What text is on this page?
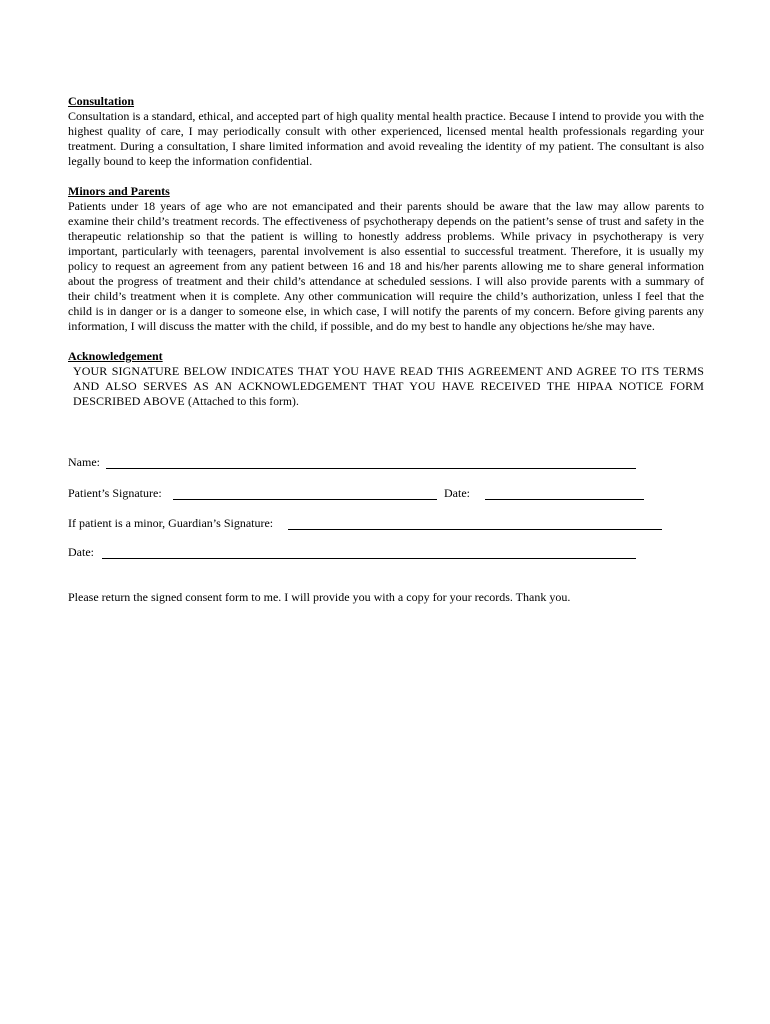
Consultation
Consultation is a standard, ethical, and accepted part of high quality mental health practice. Because I intend to provide you with the highest quality of care, I may periodically consult with other experienced, licensed mental health professionals regarding your treatment. During a consultation, I share limited information and avoid revealing the identity of my patient. The consultant is also legally bound to keep the information confidential.
Minors and Parents
Patients under 18 years of age who are not emancipated and their parents should be aware that the law may allow parents to examine their child’s treatment records. The effectiveness of psychotherapy depends on the patient’s sense of trust and safety in the therapeutic relationship so that the patient is willing to honestly address problems. While privacy in psychotherapy is very important, particularly with teenagers, parental involvement is also essential to successful treatment. Therefore, it is usually my policy to request an agreement from any patient between 16 and 18 and his/her parents allowing me to share general information about the progress of treatment and their child’s attendance at scheduled sessions. I will also provide parents with a summary of their child’s treatment when it is complete. Any other communication will require the child’s authorization, unless I feel that the child is in danger or is a danger to someone else, in which case, I will notify the parents of my concern. Before giving parents any information, I will discuss the matter with the child, if possible, and do my best to handle any objections he/she may have.
Acknowledgement
YOUR SIGNATURE BELOW INDICATES THAT YOU HAVE READ THIS AGREEMENT AND AGREE TO ITS TERMS AND ALSO SERVES AS AN ACKNOWLEDGEMENT THAT YOU HAVE RECEIVED THE HIPAA NOTICE FORM DESCRIBED ABOVE (Attached to this form).
Name:
Patient’s Signature:	Date:
If patient is a minor, Guardian’s Signature:
Date:
Please return the signed consent form to me. I will provide you with a copy for your records. Thank you.
